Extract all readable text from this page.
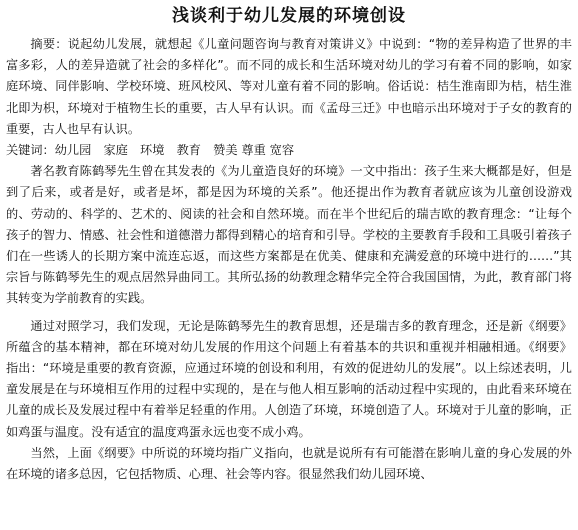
浅谈利于幼儿发展的环境创设

摘要：说起幼儿发展，就想起《儿童问题咨询与教育对策讲义》中说到：“物的差异构造了世界的丰富多彩，人的差异造就了社会的多样化”。而不同的成长和生活环境对幼儿的学习有着不同的影响，如家庭环境、同伴影响、学校环境、班风校风、等对儿童有着不同的影响。俗话说：桔生淮南即为桔，桔生淮北即为枳，环境对于植物生长的重要，古人早有认识。而《孟母三迁》中也暗示出环境对于子女的教育的重要，古人也早有认识。

关键词：幼儿园　家庭　环境　教育　赞美 尊重 宽容

著名教育陈鹤琴先生曾在其发表的《为儿童造良好的环境》一文中指出：孩子生来大概都是好，但是到了后来，或者是好，或者是坏，都是因为环境的关系”。他还提出作为教育者就应该为儿童创设游戏的、劳动的、科学的、艺术的、阅读的社会和自然环境。而在半个世纪后的瑞吉欧的教育理念：“让每个孩子的智力、情感、社会性和道德潜力都得到精心的培育和引导。学校的主要教育手段和工具吸引着孩子们在一些诱人的长期方案中流连忘返，而这些方案都是在优美、健康和充满爱意的环境中进行的……”其宗旨与陈鹤琴先生的观点居然异曲同工。其所弘扬的幼教理念精华完全符合我国国情，为此，教育部门将其转变为学前教育的实践。

通过对照学习，我们发现，无论是陈鹤琴先生的教育思想，还是瑞吉多的教育理念，还是新《纲要》所蕴含的基本精神，都在环境对幼儿发展的作用这个问题上有着基本的共识和重视并相融相通。《纲要》指出：“环境是重要的教育资源，应通过环境的创设和利用，有效的促进幼儿的发展”。以上综述表明，儿童发展是在与环境相互作用的过程中实现的，是在与他人相互影响的活动过程中实现的，由此看来环境在儿童的成长及发展过程中有着举足轻重的作用。人创造了环境，环境创造了人。环境对于儿童的影响，正如鸡蛋与温度。没有适宜的温度鸡蛋永远也变不成小鸡。

当然，上面《纲要》中所说的环境均指广义指向，也就是说所有有可能潜在影响儿童的身心发展的外在环境的诸多总因，它包括物质、心理、社会等内容。很显然我们幼儿园环境、
